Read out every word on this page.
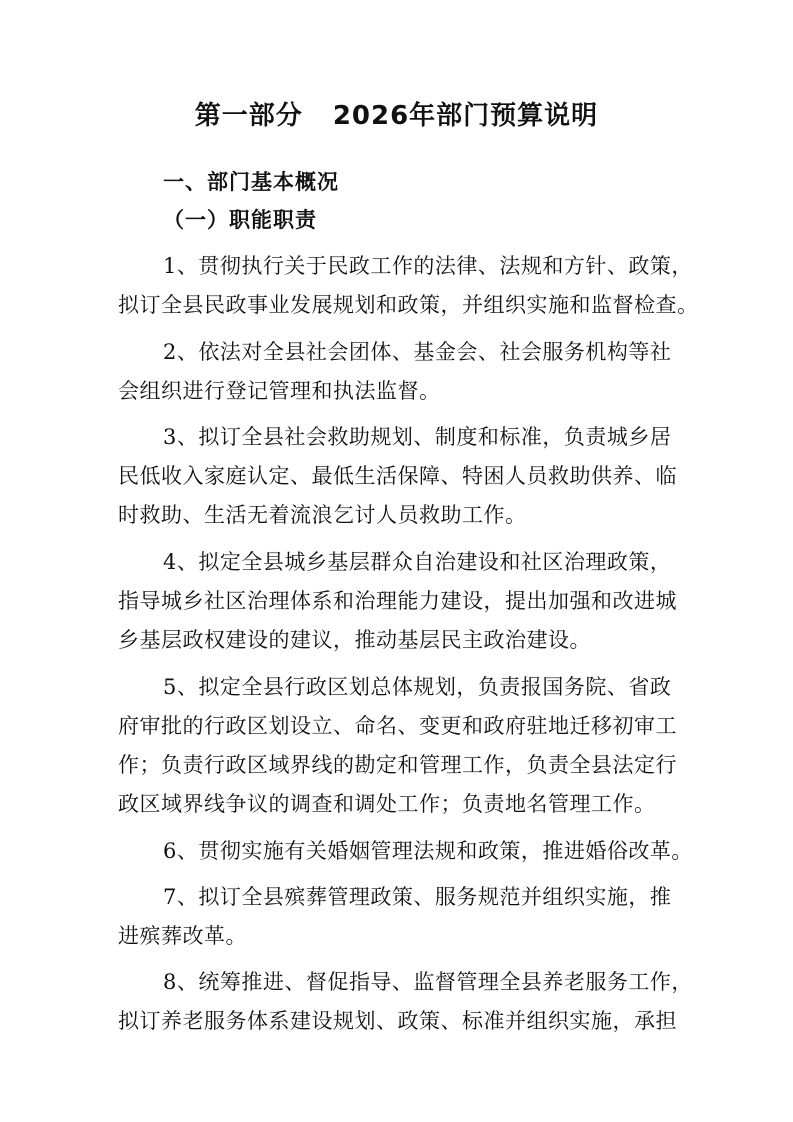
第一部分 2026年部门预算说明
一、部门基本概况
（一）职能职责
1、贯彻执行关于民政工作的法律、法规和方针、政策，
拟订全县民政事业发展规划和政策，并组织实施和监督检查。
2、依法对全县社会团体、基金会、社会服务机构等社
会组织进行登记管理和执法监督。
3、拟订全县社会救助规划、制度和标准，负责城乡居
民低收入家庭认定、最低生活保障、特困人员救助供养、临
时救助、生活无着流浪乞讨人员救助工作。
4、拟定全县城乡基层群众自治建设和社区治理政策，
指导城乡社区治理体系和治理能力建设，提出加强和改进城
乡基层政权建设的建议，推动基层民主政治建设。
5、拟定全县行政区划总体规划，负责报国务院、省政
府审批的行政区划设立、命名、变更和政府驻地迁移初审工
作；负责行政区域界线的勘定和管理工作，负责全县法定行
政区域界线争议的调查和调处工作；负责地名管理工作。
6、贯彻实施有关婚姻管理法规和政策，推进婚俗改革。
7、拟订全县殡葬管理政策、服务规范并组织实施，推
进殡葬改革。
8、统筹推进、督促指导、监督管理全县养老服务工作，
拟订养老服务体系建设规划、政策、标准并组织实施，承担
